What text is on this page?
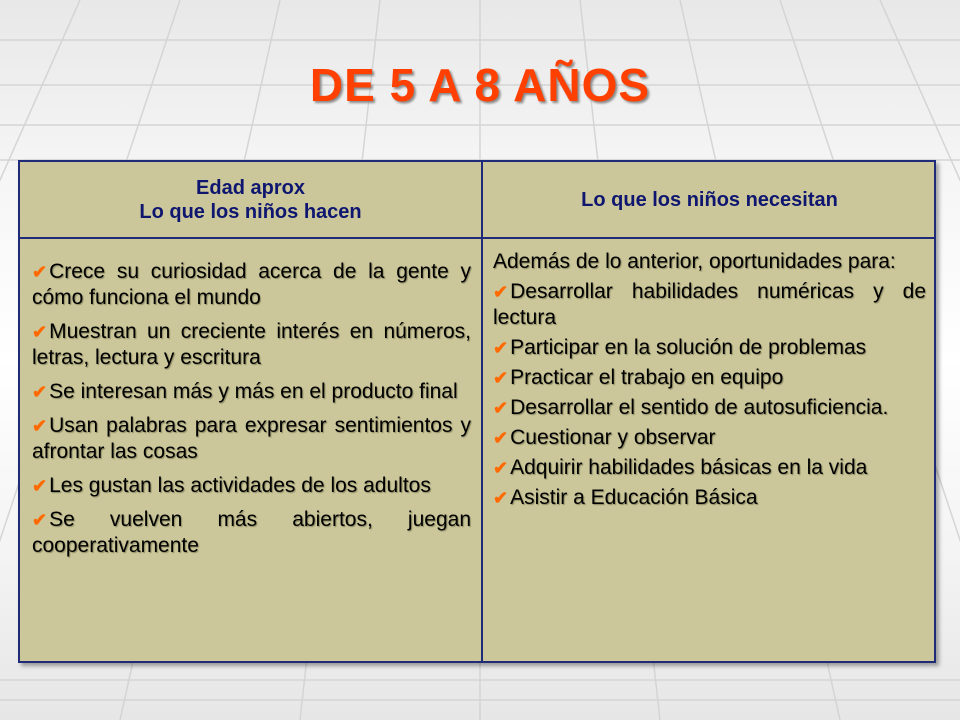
DE 5 A 8 AÑOS
Edad aprox
Lo que los niños hacen
Lo que los niños necesitan

✔Crece su curiosidad acerca de la gente y cómo funciona el mundo

✔Muestran un creciente interés en números, letras, lectura y escritura

✔Se interesan más y más en el producto final

✔Usan palabras para expresar sentimientos y afrontar las cosas

✔Les gustan las actividades de los adultos

✔Se vuelven más abiertos, juegan cooperativamente

Además de lo anterior, oportunidades para:

✔Desarrollar habilidades numéricas y de lectura

✔Participar en la solución de problemas

✔Practicar el trabajo en equipo

✔Desarrollar el sentido de autosuficiencia.

✔Cuestionar y observar

✔Adquirir habilidades básicas en la vida

✔Asistir a Educación Básica
